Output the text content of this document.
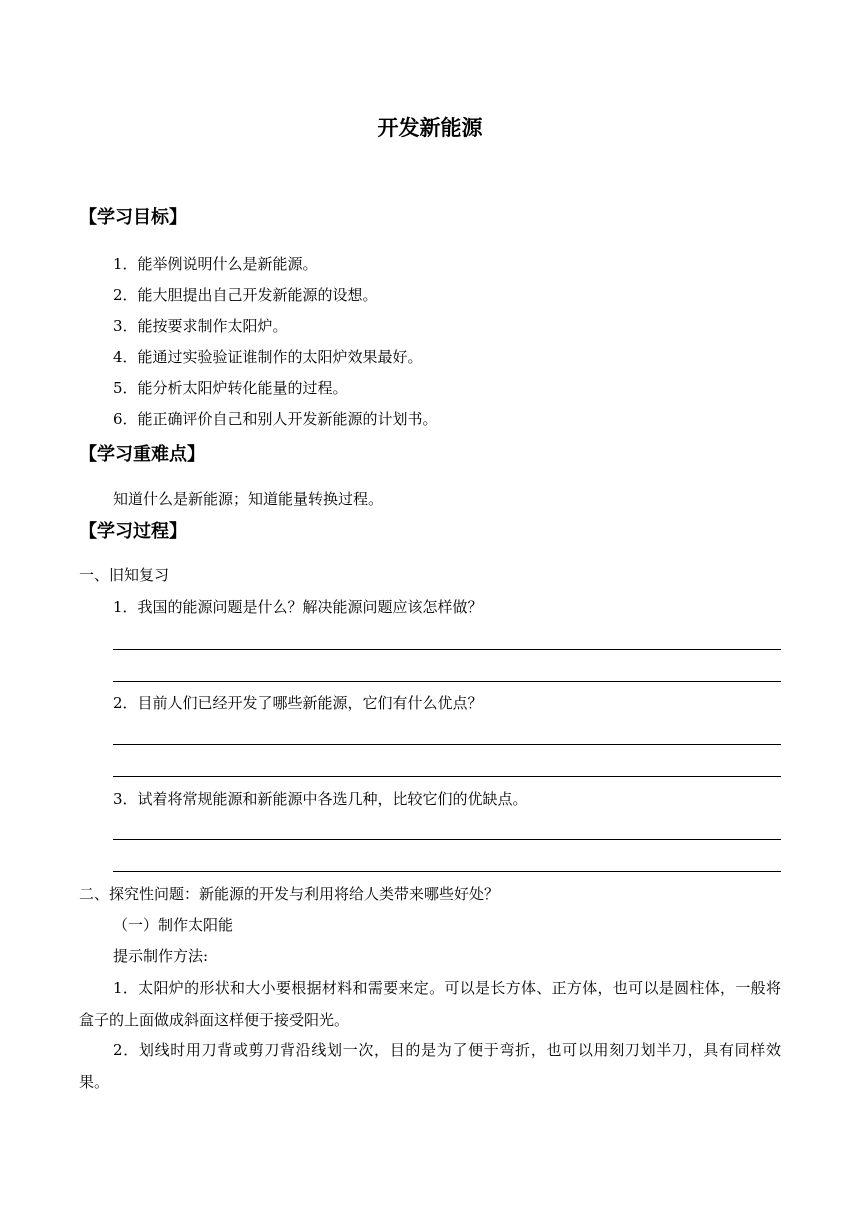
开发新能源
【学习目标】
1．能举例说明什么是新能源。
2．能大胆提出自己开发新能源的设想。
3．能按要求制作太阳炉。
4．能通过实验验证谁制作的太阳炉效果最好。
5．能分析太阳炉转化能量的过程。
6．能正确评价自己和别人开发新能源的计划书。
【学习重难点】
知道什么是新能源；知道能量转换过程。
【学习过程】
一、旧知复习
1．我国的能源问题是什么？解决能源问题应该怎样做？
2．目前人们已经开发了哪些新能源，它们有什么优点？
3．试着将常规能源和新能源中各选几种，比较它们的优缺点。
二、探究性问题：新能源的开发与利用将给人类带来哪些好处？
（一）制作太阳能
提示制作方法:
1．太阳炉的形状和大小要根据材料和需要来定。可以是长方体、正方体，也可以是圆柱体，一般将盒子的上面做成斜面这样便于接受阳光。
2．划线时用刀背或剪刀背沿线划一次，目的是为了便于弯折，也可以用刻刀划半刀，具有同样效果。
